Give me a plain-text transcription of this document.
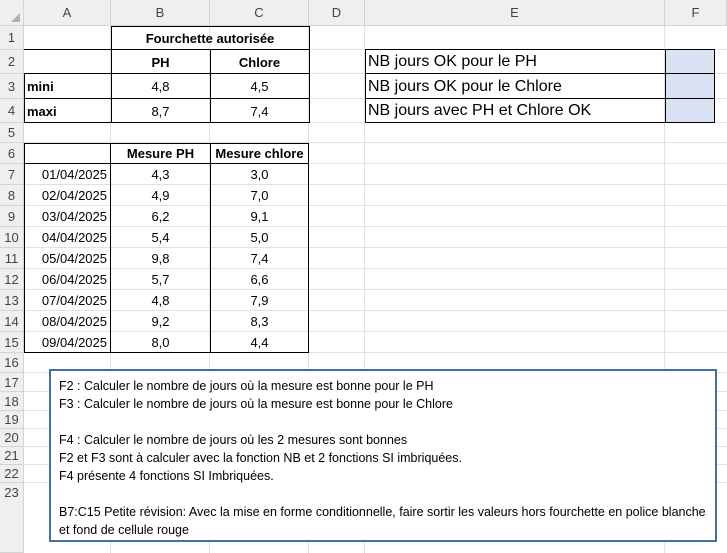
A	B	C	D	E	F
1
2
3
4
5
6
7
8
9
10
11
12
13
14
15
16
17
18
19
20
21
22
23
Fourchette autorisée
PH	Chlore
mini	4,8	4,5
maxi	8,7	7,4
NB jours OK pour le PH
NB jours OK pour le Chlore
NB jours avec PH et Chlore OK
Mesure PH	Mesure chlore
01/04/2025	4,3	3,0
02/04/2025	4,9	7,0
03/04/2025	6,2	9,1
04/04/2025	5,4	5,0
05/04/2025	9,8	7,4
06/04/2025	5,7	6,6
07/04/2025	4,8	7,9
08/04/2025	9,2	8,3
09/04/2025	8,0	4,4

F2 : Calculer le nombre de jours où la mesure est bonne pour le PH

F3 : Calculer le nombre de jours où la mesure est bonne pour le Chlore

F4 : Calculer le nombre de jours où les 2 mesures sont bonnes

F2 et F3 sont à calculer avec la fonction NB et 2 fonctions SI imbriquées.

F4 présente 4 fonctions SI Imbriquées.

B7:C15 Petite révision: Avec la mise en forme conditionnelle, faire sortir les valeurs hors fourchette en police blanche et fond de cellule rouge
